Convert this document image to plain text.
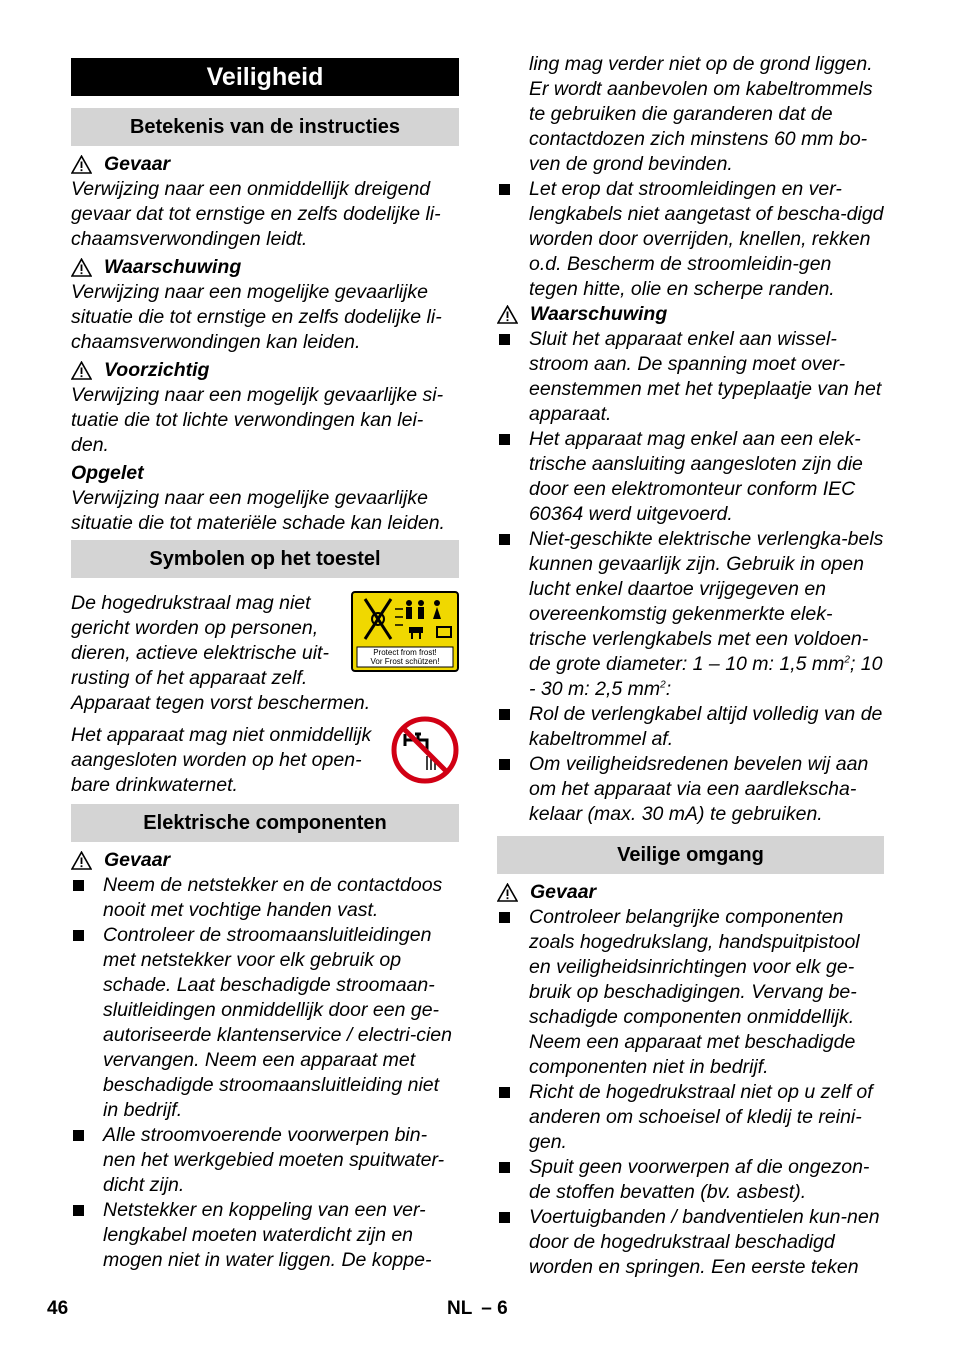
Veiligheid
Betekenis van de instructies
Gevaar

Verwijzing naar een onmiddellijk dreigend gevaar dat tot ernstige en zelfs dodelijke li-chaamsverwondingen leidt.

Waarschuwing

Verwijzing naar een mogelijke gevaarlijke situatie die tot ernstige en zelfs dodelijke li-chaamsverwondingen kan leiden.

Voorzichtig

Verwijzing naar een mogelijk gevaarlijke si-tuatie die tot lichte verwondingen kan lei-den.

Opgelet

Verwijzing naar een mogelijke gevaarlijke situatie die tot materiële schade kan leiden.

Symbolen op het toestel
Protect from frost!
Vor Frost schützen!

De hogedrukstraal mag niet gericht worden op personen, dieren, actieve elektrische uit-rusting of het apparaat zelf. Apparaat tegen vorst beschermen.

Het apparaat mag niet onmiddellijk aangesloten worden op het open-bare drinkwaternet.

Elektrische componenten
Gevaar
Neem de netstekker en de contactdoos nooit met vochtige handen vast.
Controleer de stroomaansluitleidingen met netstekker voor elk gebruik op schade. Laat beschadigde stroomaan-sluitleidingen onmiddellijk door een ge-autoriseerde klantenservice / electri-cien vervangen. Neem een apparaat met beschadigde stroomaansluitleiding niet in bedrijf.
Alle stroomvoerende voorwerpen bin-nen het werkgebied moeten spuitwater-dicht zijn.
Netstekker en koppeling van een ver-lengkabel moeten waterdicht zijn en mogen niet in water liggen. De koppe-

ling mag verder niet op de grond liggen. Er wordt aanbevolen om kabeltrommels te gebruiken die garanderen dat de contactdozen zich minstens 60 mm bo-ven de grond bevinden.

Let erop dat stroomleidingen en ver-lengkabels niet aangetast of bescha-digd worden door overrijden, knellen, rekken o.d. Bescherm de stroomleidin-gen tegen hitte, olie en scherpe randen.
Waarschuwing
Sluit het apparaat enkel aan wissel-stroom aan. De spanning moet over-eenstemmen met het typeplaatje van het apparaat.
Het apparaat mag enkel aan een elek-trische aansluiting aangesloten zijn die door een elektromonteur conform IEC 60364 werd uitgevoerd.
Niet-geschikte elektrische verlengka-bels kunnen gevaarlijk zijn. Gebruik in open lucht enkel daartoe vrijgegeven en overeenkomstig gekenmerkte elek-trische verlengkabels met een voldoen-de grote diameter: 1 – 10 m: 1,5 $mm^2$; 10 - 30 m: 2,5 $mm^2$:
Rol de verlengkabel altijd volledig van de kabeltrommel af.
Om veiligheidsredenen bevelen wij aan om het apparaat via een aardlekscha-kelaar (max. 30 mA) te gebruiken.
Veilige omgang
Gevaar
Controleer belangrijke componenten zoals hogedrukslang, handspuitpistool en veiligheidsinrichtingen voor elk ge-bruik op beschadigingen. Vervang be-schadigde componenten onmiddellijk. Neem een apparaat met beschadigde componenten niet in bedrijf.
Richt de hogedrukstraal niet op u zelf of anderen om schoeisel of kledij te reini-gen.
Spuit geen voorwerpen af die ongezon-de stoffen bevatten (bv. asbest).
Voertuigbanden / bandventielen kun-nen door de hogedrukstraal beschadigd worden en springen. Een eerste teken
46	NL – 6
